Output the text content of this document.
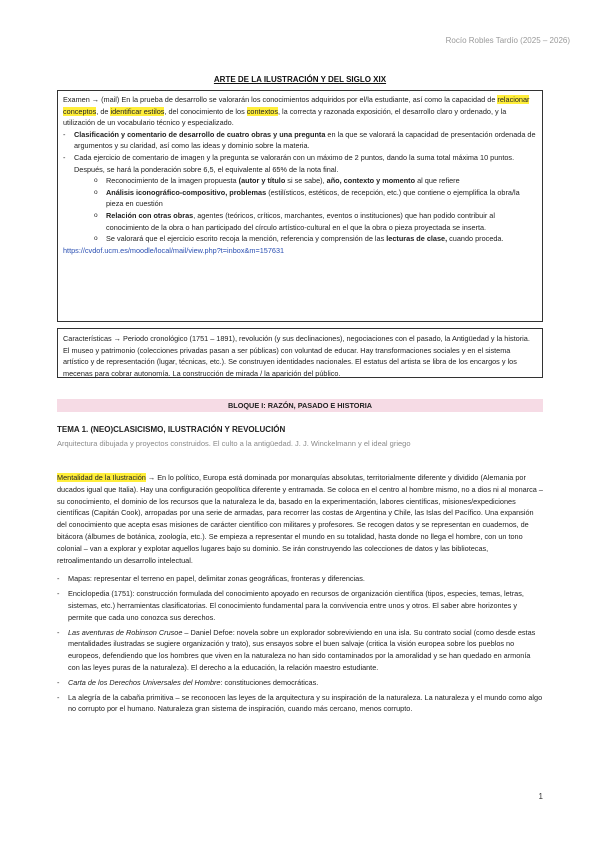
Rocío Robles Tardío (2025 – 2026)
ARTE DE LA ILUSTRACIÓN Y DEL SIGLO XIX
Examen → (mail) En la prueba de desarrollo se valorarán los conocimientos adquiridos por el/la estudiante, así como la capacidad de relacionar conceptos, de identificar estilos, del conocimiento de los contextos, la correcta y razonada exposición, el desarrollo claro y ordenado, y la utilización de un vocabulario técnico y especializado.
- Clasificación y comentario de desarrollo de cuatro obras y una pregunta en la que se valorará la capacidad de presentación ordenada de argumentos y su claridad, así como las ideas y dominio sobre la materia.
- Cada ejercicio de comentario de imagen y la pregunta se valorarán con un máximo de 2 puntos, dando la suma total máxima 10 puntos. Después, se hará la ponderación sobre 6,5, el equivalente al 65% de la nota final.
o Reconocimiento de la imagen propuesta (autor y título si se sabe), año, contexto y momento al que refiere
o Análisis iconográfico-compositivo, problemas (estilísticos, estéticos, de recepción, etc.) que contiene o ejemplifica la obra/la pieza en cuestión
o Relación con otras obras, agentes (teóricos, críticos, marchantes, eventos o instituciones) que han podido contribuir al conocimiento de la obra o han participado del círculo artístico-cultural en el que la obra o pieza proyectada se inserta.
o Se valorará que el ejercicio escrito recoja la mención, referencia y comprensión de las lecturas de clase, cuando proceda.
https://cvdof.ucm.es/moodle/local/mail/view.php?t=inbox&m=157631
Características → Periodo cronológico (1751 – 1891), revolución (y sus declinaciones), negociaciones con el pasado, la Antigüedad y la historia. El museo y patrimonio (colecciones privadas pasan a ser públicas) con voluntad de educar. Hay transformaciones sociales y en el sistema artístico y de representación (lugar, técnicas, etc.). Se construyen identidades nacionales. El estatus del artista se libra de los encargos y los mecenas para cobrar autonomía. La construcción de mirada / la aparición del público.
BLOQUE I: RAZÓN, PASADO E HISTORIA
TEMA 1. (NEO)CLASICISMO, ILUSTRACIÓN Y REVOLUCIÓN
Arquitectura dibujada y proyectos construidos. El culto a la antigüedad. J. J. Winckelmann y el ideal griego

Mentalidad de la Ilustración → En lo político, Europa está dominada por monarquías absolutas, territorialmente diferente y dividido (Alemania por ducados igual que Italia). Hay una configuración geopolítica diferente y entramada. Se coloca en el centro al hombre mismo, no a dios ni al monarca – su conocimiento, el dominio de los recursos que la naturaleza le da, basado en la experimentación, labores científicas, misiones/expediciones científicas (Capitán Cook), arropadas por una serie de armadas, para recorrer las costas de Argentina y Chile, las Islas del Pacífico. Una expansión del conocimiento que acepta esas misiones de carácter científico con militares y profesores. Se recogen datos y se representan en cuadernos, de bitácora (álbumes de botánica, zoología, etc.). Se empieza a representar el mundo en su totalidad, hasta donde no llega el hombre, con un tono colonial – van a explorar y explotar aquellos lugares bajo su dominio. Se irán construyendo las colecciones de datos y las bibliotecas, retroalimentando un desarrollo intelectual.

- Mapas: representar el terreno en papel, delimitar zonas geográficas, fronteras y diferencias.
- Enciclopedia (1751): construcción formulada del conocimiento apoyado en recursos de organización científica (tipos, especies, temas, letras, sistemas, etc.) herramientas clasificatorias. El conocimiento fundamental para la convivencia entre unos y otros. El saber abre horizontes y permite que cada uno conozca sus derechos.
- Las aventuras de Robinson Crusoe – Daniel Defoe: novela sobre un explorador sobreviviendo en una isla. Su contrato social (como desde estas mentalidades ilustradas se sugiere organización y trato), sus ensayos sobre el buen salvaje (critica la visión europea sobre los pueblos no europeos, defendiendo que los hombres que viven en la naturaleza no han sido contaminados por la amoralidad y se han quedado en armonía con las leyes puras de la naturaleza). El derecho a la educación, la relación maestro estudiante.
- Carta de los Derechos Universales del Hombre: constituciones democráticas.
- La alegría de la cabaña primitiva – se reconocen las leyes de la arquitectura y su inspiración de la naturaleza. La naturaleza y el mundo como algo no corrupto por el humano. Naturaleza gran sistema de inspiración, cuando más cercano, menos corrupto.
1
